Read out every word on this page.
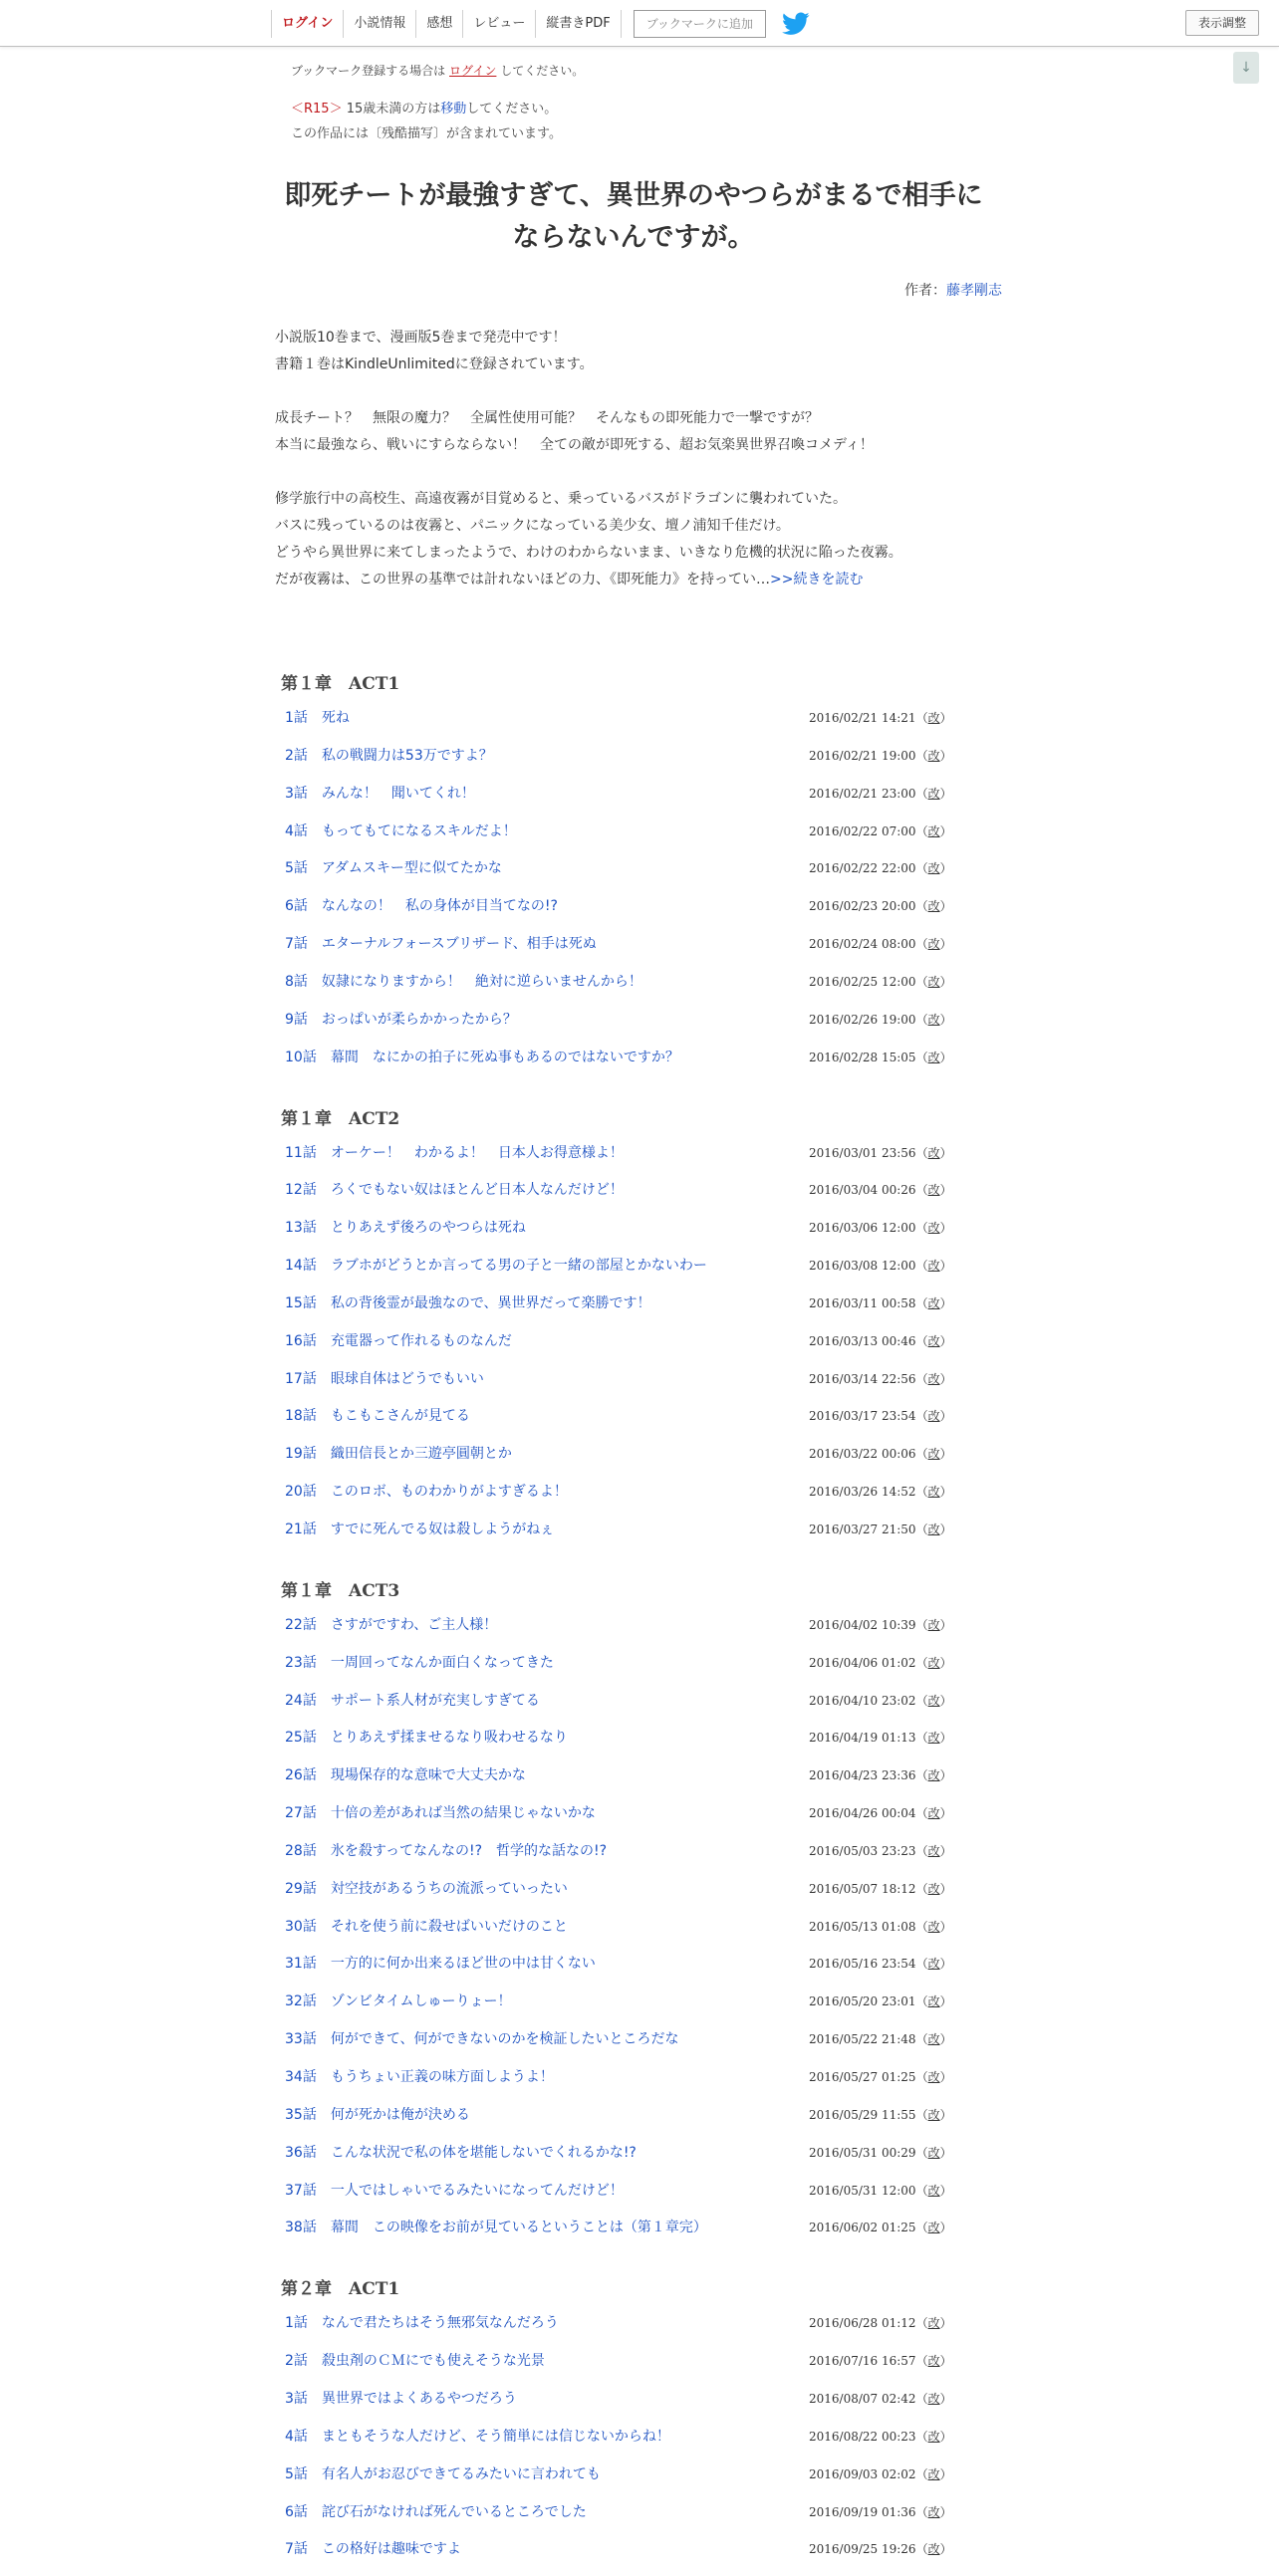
ログイン	小説情報	感想	レビュー	縦書きPDF	ブックマークに追加	表示調整
↓
ブックマーク登録する場合は ログイン してください。
＜R15＞ 15歳未満の方は移動してください。
この作品には〔残酷描写〕が含まれています。
即死チートが最強すぎて、異世界のやつらがまるで相手に
ならないんですが。
作者：藤孝剛志
小説版10巻まで、漫画版5巻まで発売中です！
書籍１巻はKindleUnlimitedに登録されています。
成長チート？　無限の魔力？　全属性使用可能？　そんなもの即死能力で一撃ですが？
本当に最強なら、戦いにすらならない！　全ての敵が即死する、超お気楽異世界召喚コメディ！
修学旅行中の高校生、高遠夜霧が目覚めると、乗っているバスがドラゴンに襲われていた。
バスに残っているのは夜霧と、パニックになっている美少女、壇ノ浦知千佳だけ。
どうやら異世界に来てしまったようで、わけのわからないまま、いきなり危機的状況に陥った夜霧。
だが夜霧は、この世界の基準では計れないほどの力、《即死能力》を持ってい…>>続きを読む
第１章　ACT1
1話　死ね	2016/02/21 14:21（改）
2話　私の戦闘力は53万ですよ？	2016/02/21 19:00（改）
3話　みんな！　聞いてくれ！	2016/02/21 23:00（改）
4話　もってもてになるスキルだよ！	2016/02/22 07:00（改）
5話　アダムスキー型に似てたかな	2016/02/22 22:00（改）
6話　なんなの！　私の身体が目当てなの!?	2016/02/23 20:00（改）
7話　エターナルフォースブリザード、相手は死ぬ	2016/02/24 08:00（改）
8話　奴隷になりますから！　絶対に逆らいませんから！	2016/02/25 12:00（改）
9話　おっぱいが柔らかかったから？	2016/02/26 19:00（改）
10話　幕間　なにかの拍子に死ぬ事もあるのではないですか？	2016/02/28 15:05（改）
第１章　ACT2
11話　オーケー！　わかるよ！　日本人お得意様よ！	2016/03/01 23:56（改）
12話　ろくでもない奴はほとんど日本人なんだけど！	2016/03/04 00:26（改）
13話　とりあえず後ろのやつらは死ね	2016/03/06 12:00（改）
14話　ラブホがどうとか言ってる男の子と一緒の部屋とかないわー	2016/03/08 12:00（改）
15話　私の背後霊が最強なので、異世界だって楽勝です！	2016/03/11 00:58（改）
16話　充電器って作れるものなんだ	2016/03/13 00:46（改）
17話　眼球自体はどうでもいい	2016/03/14 22:56（改）
18話　もこもこさんが見てる	2016/03/17 23:54（改）
19話　織田信長とか三遊亭圓朝とか	2016/03/22 00:06（改）
20話　このロボ、ものわかりがよすぎるよ！	2016/03/26 14:52（改）
21話　すでに死んでる奴は殺しようがねぇ	2016/03/27 21:50（改）
第１章　ACT3
22話　さすがですわ、ご主人様！	2016/04/02 10:39（改）
23話　一周回ってなんか面白くなってきた	2016/04/06 01:02（改）
24話　サポート系人材が充実しすぎてる	2016/04/10 23:02（改）
25話　とりあえず揉ませるなり吸わせるなり	2016/04/19 01:13（改）
26話　現場保存的な意味で大丈夫かな	2016/04/23 23:36（改）
27話　十倍の差があれば当然の結果じゃないかな	2016/04/26 00:04（改）
28話　氷を殺すってなんなの!?　哲学的な話なの!?	2016/05/03 23:23（改）
29話　対空技があるうちの流派っていったい	2016/05/07 18:12（改）
30話　それを使う前に殺せばいいだけのこと	2016/05/13 01:08（改）
31話　一方的に何か出来るほど世の中は甘くない	2016/05/16 23:54（改）
32話　ゾンビタイムしゅーりょー！	2016/05/20 23:01（改）
33話　何ができて、何ができないのかを検証したいところだな	2016/05/22 21:48（改）
34話　もうちょい正義の味方面しようよ！	2016/05/27 01:25（改）
35話　何が死かは俺が決める	2016/05/29 11:55（改）
36話　こんな状況で私の体を堪能しないでくれるかな!?	2016/05/31 00:29（改）
37話　一人ではしゃいでるみたいになってんだけど！	2016/05/31 12:00（改）
38話　幕間　この映像をお前が見ているということは（第１章完）	2016/06/02 01:25（改）
第２章　ACT1
1話　なんで君たちはそう無邪気なんだろう	2016/06/28 01:12（改）
2話　殺虫剤のＣＭにでも使えそうな光景	2016/07/16 16:57（改）
3話　異世界ではよくあるやつだろう	2016/08/07 02:42（改）
4話　まともそうな人だけど、そう簡単には信じないからね！	2016/08/22 00:23（改）
5話　有名人がお忍びできてるみたいに言われても	2016/09/03 02:02（改）
6話　詫び石がなければ死んでいるところでした	2016/09/19 01:36（改）
7話　この格好は趣味ですよ	2016/09/25 19:26（改）
